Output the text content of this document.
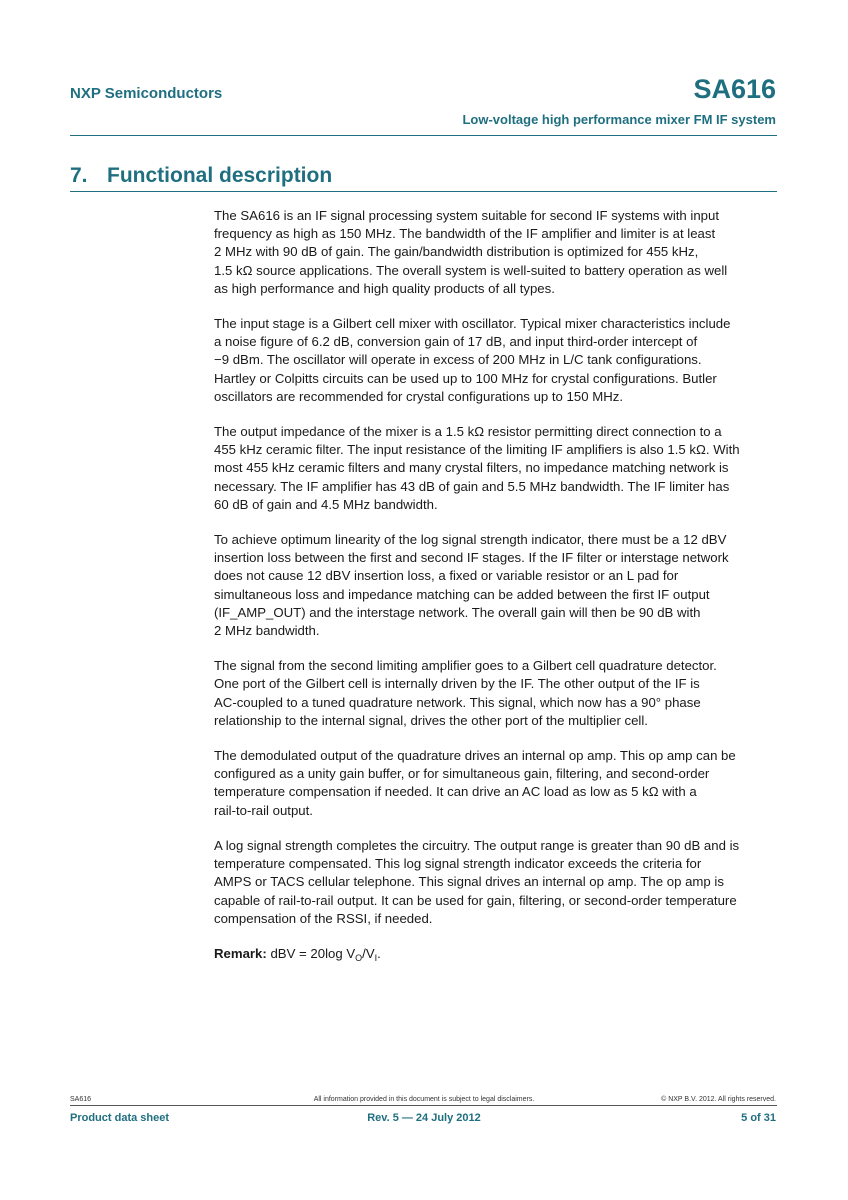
NXP Semiconductors	SA616
Low-voltage high performance mixer FM IF system
7. Functional description

The SA616 is an IF signal processing system suitable for second IF systems with input
frequency as high as 150 MHz. The bandwidth of the IF amplifier and limiter is at least
2 MHz with 90 dB of gain. The gain/bandwidth distribution is optimized for 455 kHz,
1.5 kΩ source applications. The overall system is well-suited to battery operation as well
as high performance and high quality products of all types.

The input stage is a Gilbert cell mixer with oscillator. Typical mixer characteristics include
a noise figure of 6.2 dB, conversion gain of 17 dB, and input third-order intercept of
−9 dBm. The oscillator will operate in excess of 200 MHz in L/C tank configurations.
Hartley or Colpitts circuits can be used up to 100 MHz for crystal configurations. Butler
oscillators are recommended for crystal configurations up to 150 MHz.

The output impedance of the mixer is a 1.5 kΩ resistor permitting direct connection to a
455 kHz ceramic filter. The input resistance of the limiting IF amplifiers is also 1.5 kΩ. With
most 455 kHz ceramic filters and many crystal filters, no impedance matching network is
necessary. The IF amplifier has 43 dB of gain and 5.5 MHz bandwidth. The IF limiter has
60 dB of gain and 4.5 MHz bandwidth.

To achieve optimum linearity of the log signal strength indicator, there must be a 12 dBV
insertion loss between the first and second IF stages. If the IF filter or interstage network
does not cause 12 dBV insertion loss, a fixed or variable resistor or an L pad for
simultaneous loss and impedance matching can be added between the first IF output
(IF_AMP_OUT) and the interstage network. The overall gain will then be 90 dB with
2 MHz bandwidth.

The signal from the second limiting amplifier goes to a Gilbert cell quadrature detector.
One port of the Gilbert cell is internally driven by the IF. The other output of the IF is
AC-coupled to a tuned quadrature network. This signal, which now has a 90° phase
relationship to the internal signal, drives the other port of the multiplier cell.

The demodulated output of the quadrature drives an internal op amp. This op amp can be
configured as a unity gain buffer, or for simultaneous gain, filtering, and second-order
temperature compensation if needed. It can drive an AC load as low as 5 kΩ with a
rail-to-rail output.

A log signal strength completes the circuitry. The output range is greater than 90 dB and is
temperature compensated. This log signal strength indicator exceeds the criteria for
AMPS or TACS cellular telephone. This signal drives an internal op amp. The op amp is
capable of rail-to-rail output. It can be used for gain, filtering, or second-order temperature
compensation of the RSSI, if needed.

Remark: dBV = 20log $V_O/V_I$.

SA616	All information provided in this document is subject to legal disclaimers.	© NXP B.V. 2012. All rights reserved.
Product data sheet	Rev. 5 — 24 July 2012	5 of 31
